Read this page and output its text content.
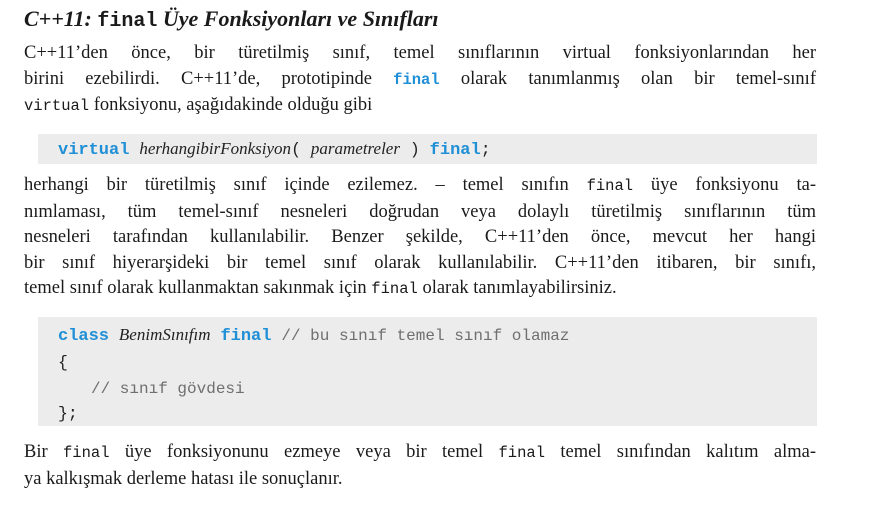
C++11: final Üye Fonksiyonları ve Sınıfları
C++11’den önce, bir türetilmiş sınıf, temel sınıflarının virtual fonksiyonlarından her
birini ezebilirdi. C++11’de, prototipinde final olarak tanımlanmış olan bir temel-sınıf
virtual fonksiyonu, aşağıdakinde olduğu gibi
virtual herhangibirFonksiyon( parametreler ) final;
herhangi bir türetilmiş sınıf içinde ezilemez. – temel sınıfın final üye fonksiyonu ta-
nımlaması, tüm temel-sınıf nesneleri doğrudan veya dolaylı türetilmiş sınıflarının tüm
nesneleri tarafından kullanılabilir. Benzer şekilde, C++11’den önce, mevcut her hangi
bir sınıf hiyerarşideki bir temel sınıf olarak kullanılabilir. C++11’den itibaren, bir sınıfı,
temel sınıf olarak kullanmaktan sakınmak için final olarak tanımlayabilirsiniz.
class BenimSınıfım final // bu sınıf temel sınıf olamaz
{
// sınıf gövdesi
};
Bir final üye fonksiyonunu ezmeye veya bir temel final temel sınıfından kalıtım alma-
ya kalkışmak derleme hatası ile sonuçlanır.
